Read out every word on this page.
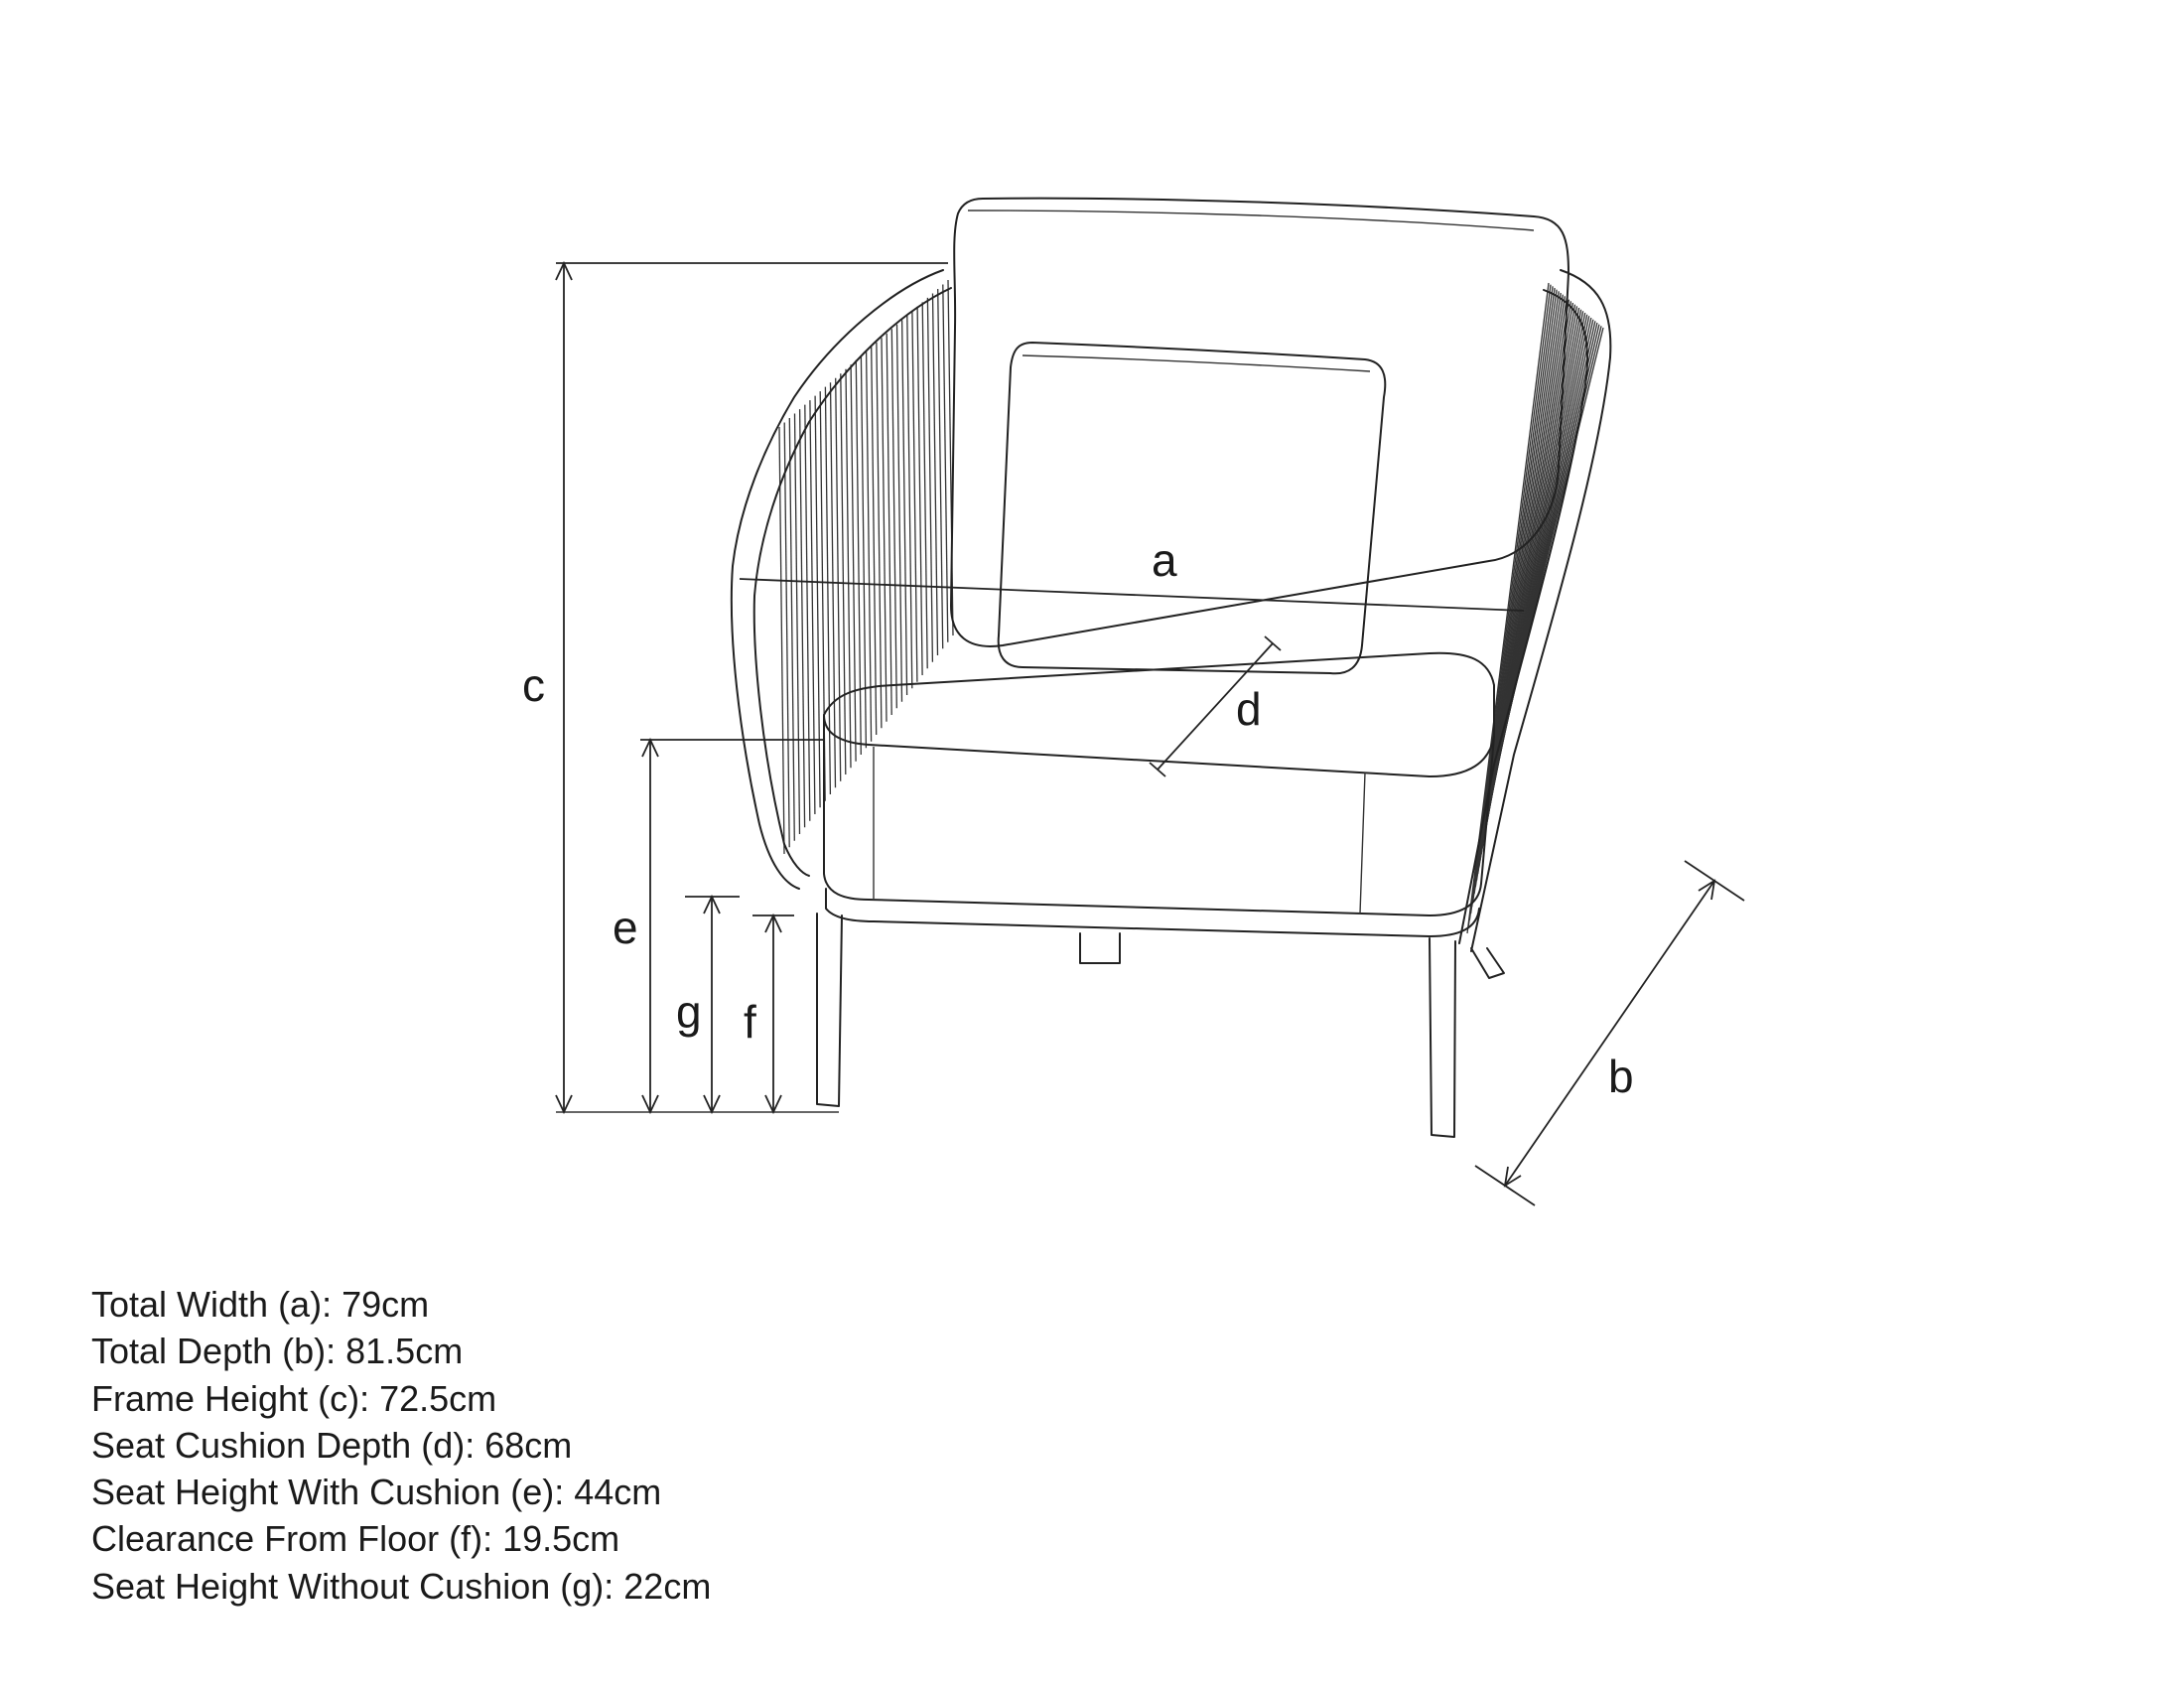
c
e
g f
a
d
b
Total Width (a): 79cm
Total Depth (b): 81.5cm
Frame Height (c): 72.5cm
Seat Cushion Depth (d): 68cm
Seat Height With Cushion (e): 44cm
Clearance From Floor (f): 19.5cm
Seat Height Without Cushion (g): 22cm
